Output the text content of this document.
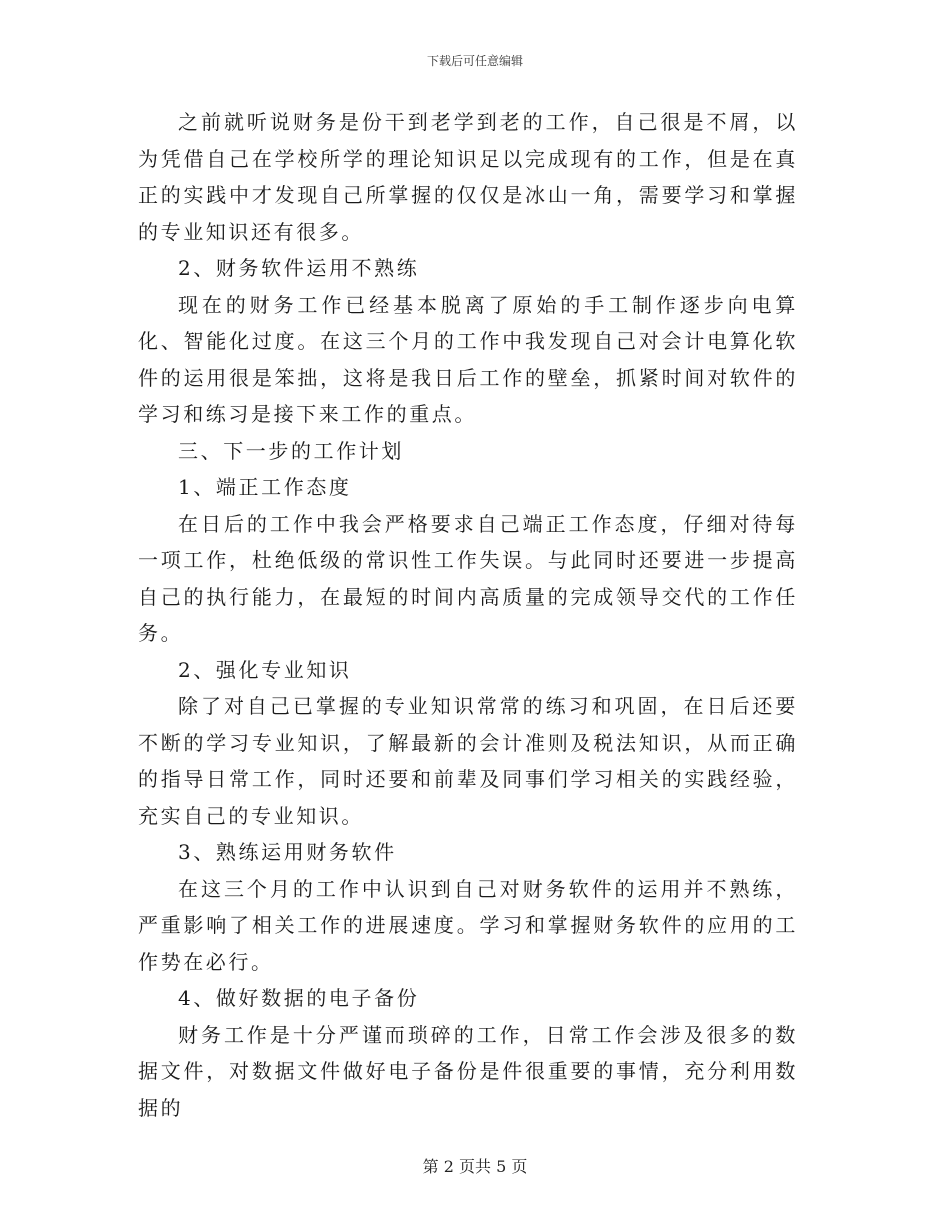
下载后可任意编辑

之前就听说财务是份干到老学到老的工作，自己很是不屑，以为凭借自己在学校所学的理论知识足以完成现有的工作，但是在真正的实践中才发现自己所掌握的仅仅是冰山一角，需要学习和掌握的专业知识还有很多。

2、财务软件运用不熟练

现在的财务工作已经基本脱离了原始的手工制作逐步向电算化、智能化过度。在这三个月的工作中我发现自己对会计电算化软件的运用很是笨拙，这将是我日后工作的壁垒，抓紧时间对软件的学习和练习是接下来工作的重点。

三、下一步的工作计划

1、端正工作态度

在日后的工作中我会严格要求自己端正工作态度，仔细对待每一项工作，杜绝低级的常识性工作失误。与此同时还要进一步提高自己的执行能力，在最短的时间内高质量的完成领导交代的工作任务。

2、强化专业知识

除了对自己已掌握的专业知识常常的练习和巩固，在日后还要不断的学习专业知识，了解最新的会计准则及税法知识，从而正确的指导日常工作，同时还要和前辈及同事们学习相关的实践经验，充实自己的专业知识。

3、熟练运用财务软件

在这三个月的工作中认识到自己对财务软件的运用并不熟练，严重影响了相关工作的进展速度。学习和掌握财务软件的应用的工作势在必行。

4、做好数据的电子备份

财务工作是十分严谨而琐碎的工作，日常工作会涉及很多的数据文件，对数据文件做好电子备份是件很重要的事情，充分利用数据的

第 2 页共 5 页
